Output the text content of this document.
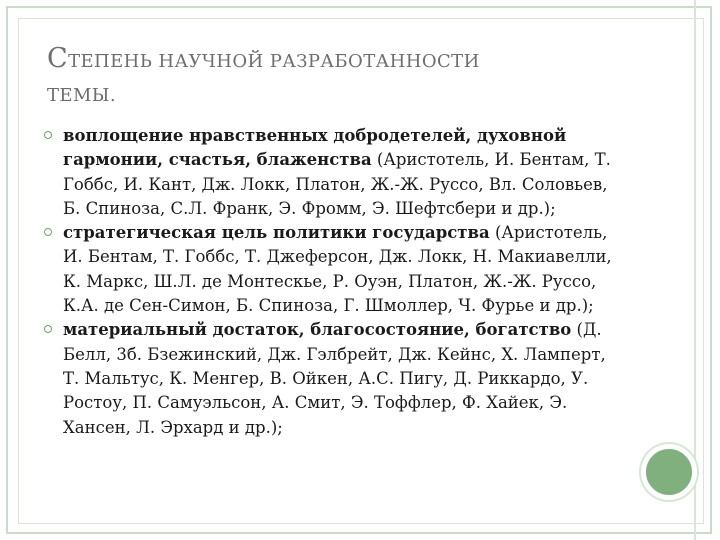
СТЕПЕНЬ НАУЧНОЙ РАЗРАБОТАННОСТИ
ТЕМЫ.
воплощение нравственных добродетелей, духовной гармонии, счастья, блаженства (Аристотель, И. Бентам, Т. Гоббс, И. Кант, Дж. Локк, Платон, Ж.-Ж. Руссо, Вл. Соловьев, Б. Спиноза, С.Л. Франк, Э. Фромм, Э. Шефтсбери и др.);
стратегическая цель политики государства (Аристотель, И. Бентам, Т. Гоббс, Т. Джеферсон, Дж. Локк, Н. Макиавелли, К. Маркс, Ш.Л. де Монтескье, Р. Оуэн, Платон, Ж.-Ж. Руссо, К.А. де Сен-Симон, Б. Спиноза, Г. Шмоллер, Ч. Фурье и др.);
материальный достаток, благосостояние, богатство (Д. Белл, 3б. Бзежинский, Дж. Гэлбрейт, Дж. Кейнс, Х. Ламперт, Т. Мальтус, К. Менгер, В. Ойкен, А.С. Пигу, Д. Риккардо, У. Ростоу, П. Самуэльсон, А. Смит, Э. Тоффлер, Ф. Хайек, Э. Хансен, Л. Эрхард и др.);
